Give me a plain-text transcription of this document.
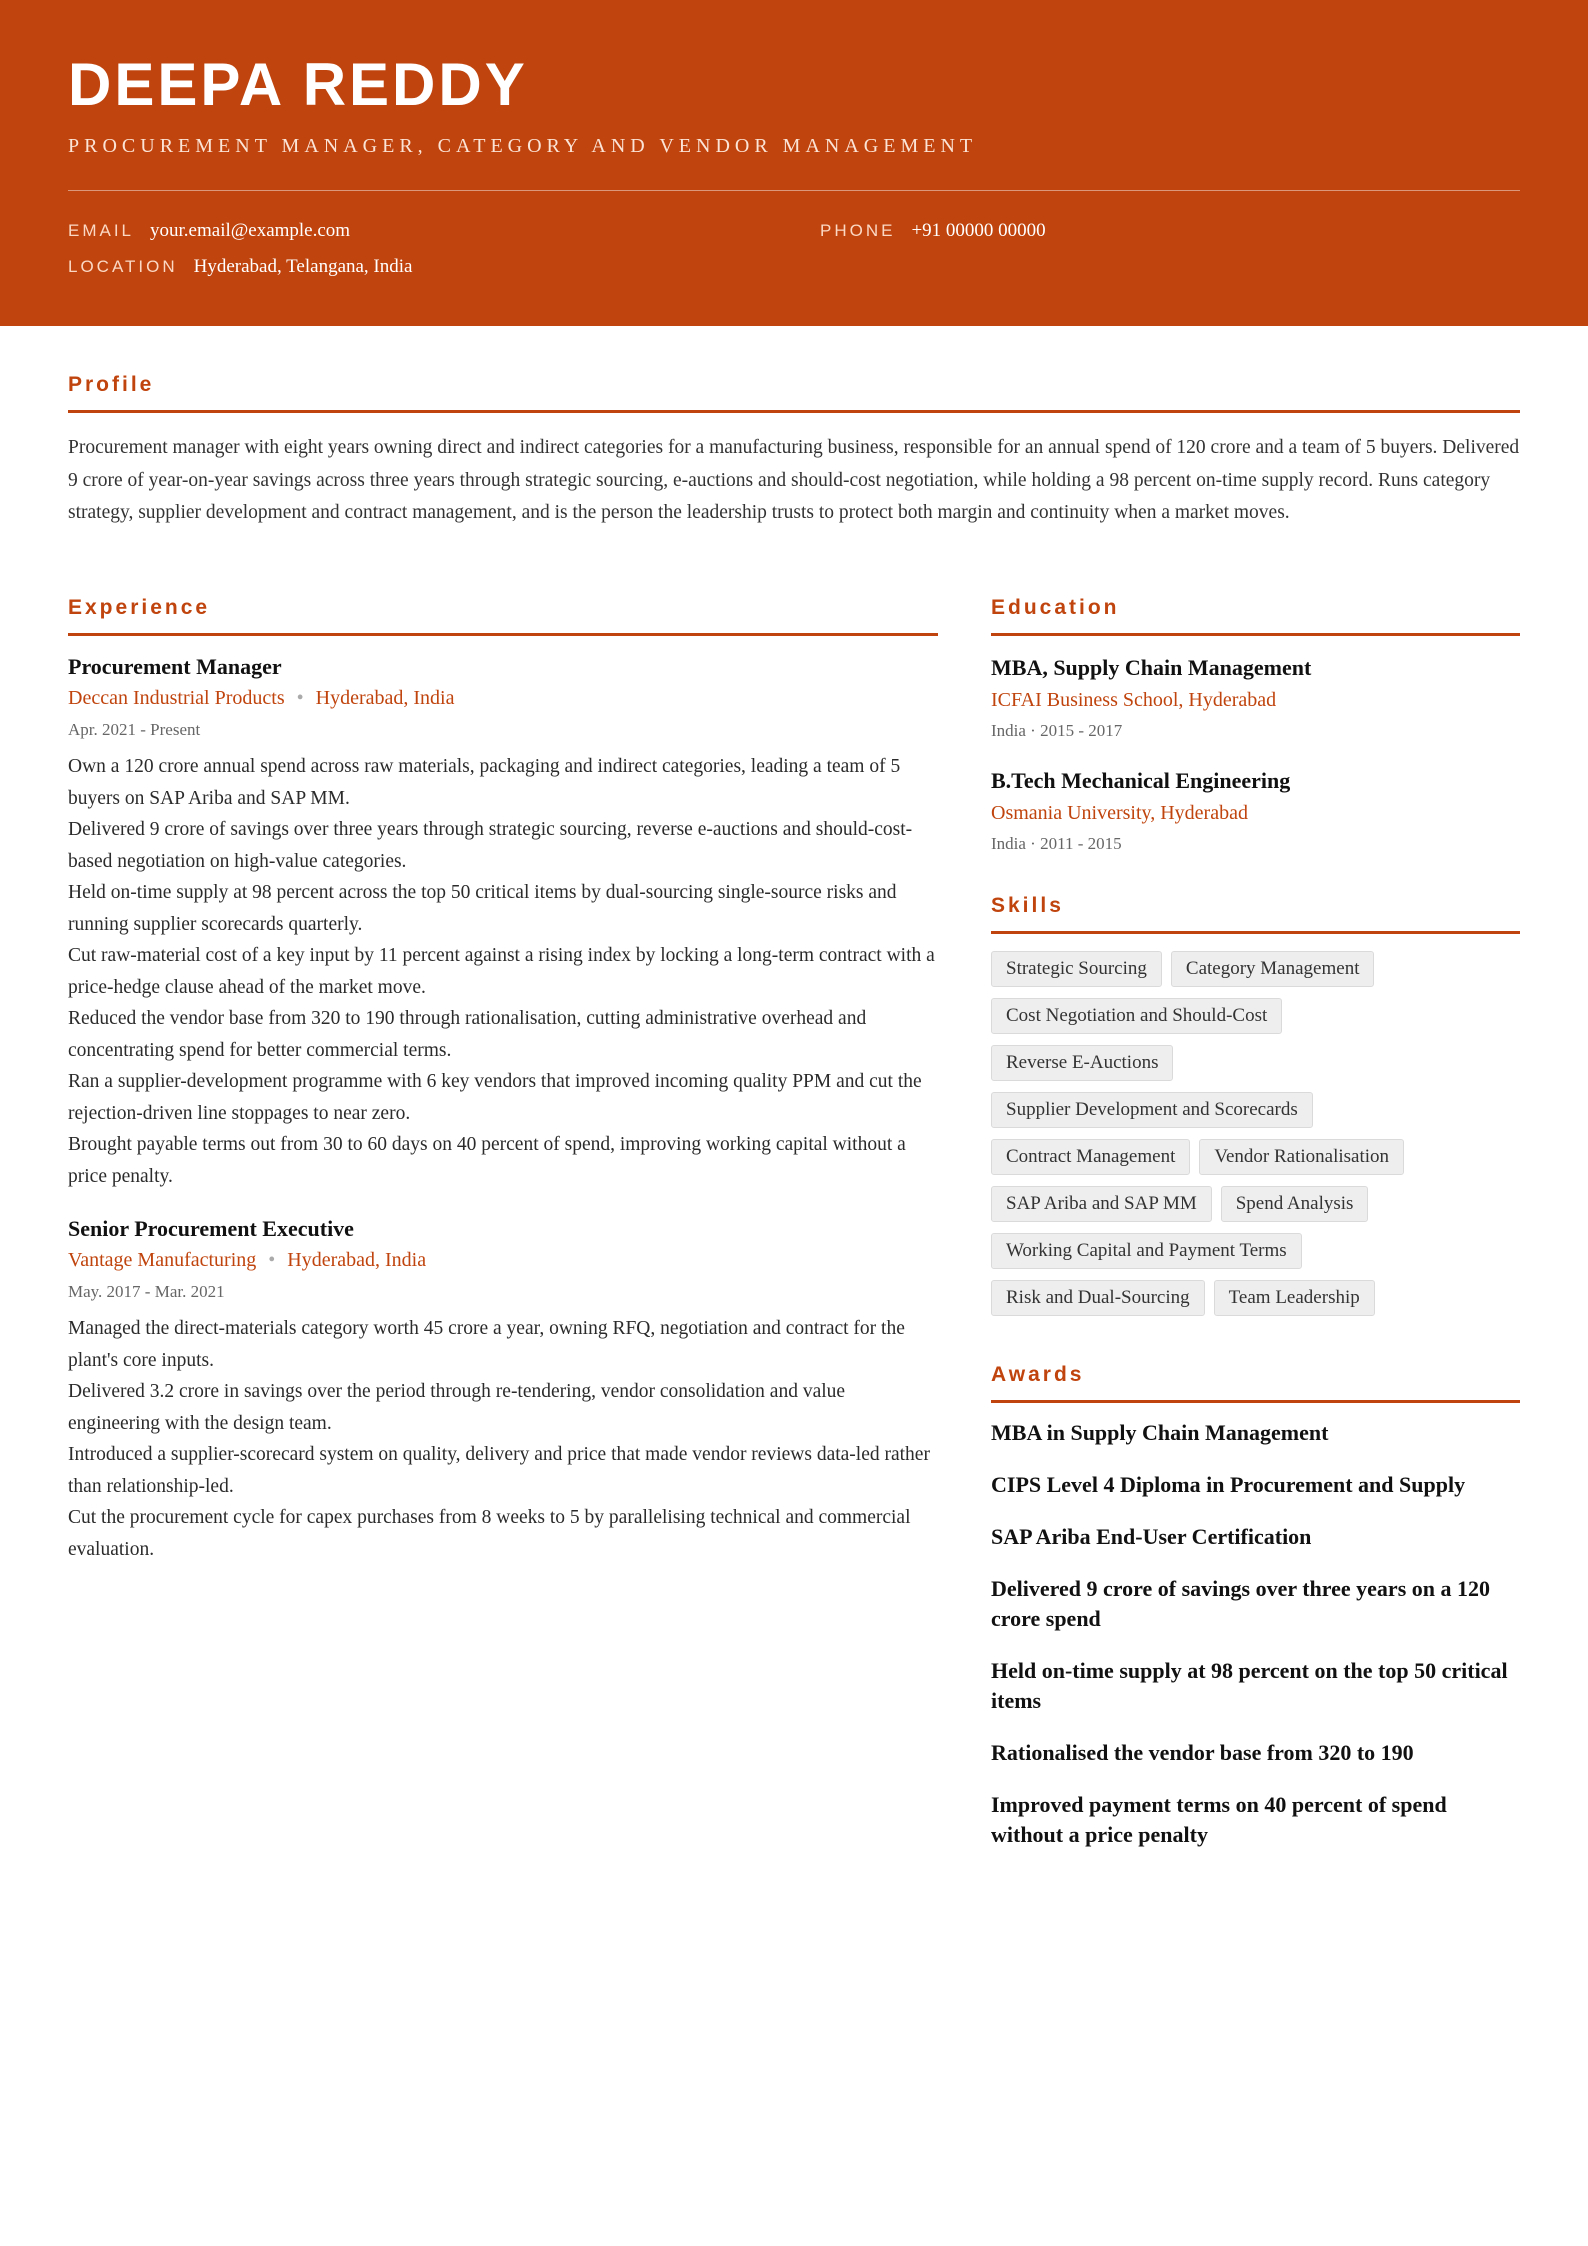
DEEPA REDDY
PROCUREMENT MANAGER, CATEGORY AND VENDOR MANAGEMENT
EMAIL your.email@example.com
LOCATION Hyderabad, Telangana, India
PHONE +91 00000 00000
Profile
Procurement manager with eight years owning direct and indirect categories for a manufacturing business, responsible for an annual spend of 120 crore and a team of 5 buyers. Delivered 9 crore of year-on-year savings across three years through strategic sourcing, e-auctions and should-cost negotiation, while holding a 98 percent on-time supply record. Runs category strategy, supplier development and contract management, and is the person the leadership trusts to protect both margin and continuity when a market moves.
Experience
Procurement Manager
Deccan Industrial Products • Hyderabad, India
Apr. 2021 - Present
Own a 120 crore annual spend across raw materials, packaging and indirect categories, leading a team of 5 buyers on SAP Ariba and SAP MM.
Delivered 9 crore of savings over three years through strategic sourcing, reverse e-auctions and should-cost-based negotiation on high-value categories.
Held on-time supply at 98 percent across the top 50 critical items by dual-sourcing single-source risks and running supplier scorecards quarterly.
Cut raw-material cost of a key input by 11 percent against a rising index by locking a long-term contract with a price-hedge clause ahead of the market move.
Reduced the vendor base from 320 to 190 through rationalisation, cutting administrative overhead and concentrating spend for better commercial terms.
Ran a supplier-development programme with 6 key vendors that improved incoming quality PPM and cut the rejection-driven line stoppages to near zero.
Brought payable terms out from 30 to 60 days on 40 percent of spend, improving working capital without a price penalty.
Senior Procurement Executive
Vantage Manufacturing • Hyderabad, India
May. 2017 - Mar. 2021
Managed the direct-materials category worth 45 crore a year, owning RFQ, negotiation and contract for the plant's core inputs.
Delivered 3.2 crore in savings over the period through re-tendering, vendor consolidation and value engineering with the design team.
Introduced a supplier-scorecard system on quality, delivery and price that made vendor reviews data-led rather than relationship-led.
Cut the procurement cycle for capex purchases from 8 weeks to 5 by parallelising technical and commercial evaluation.
Education
MBA, Supply Chain Management
ICFAI Business School, Hyderabad
India · 2015 - 2017
B.Tech Mechanical Engineering
Osmania University, Hyderabad
India · 2011 - 2015
Skills
Strategic Sourcing	Category Management
Cost Negotiation and Should-Cost
Reverse E-Auctions
Supplier Development and Scorecards
Contract Management	Vendor Rationalisation
SAP Ariba and SAP MM	Spend Analysis
Working Capital and Payment Terms
Risk and Dual-Sourcing	Team Leadership
Awards
MBA in Supply Chain Management
CIPS Level 4 Diploma in Procurement and Supply
SAP Ariba End-User Certification
Delivered 9 crore of savings over three years on a 120 crore spend
Held on-time supply at 98 percent on the top 50 critical items
Rationalised the vendor base from 320 to 190
Improved payment terms on 40 percent of spend without a price penalty
